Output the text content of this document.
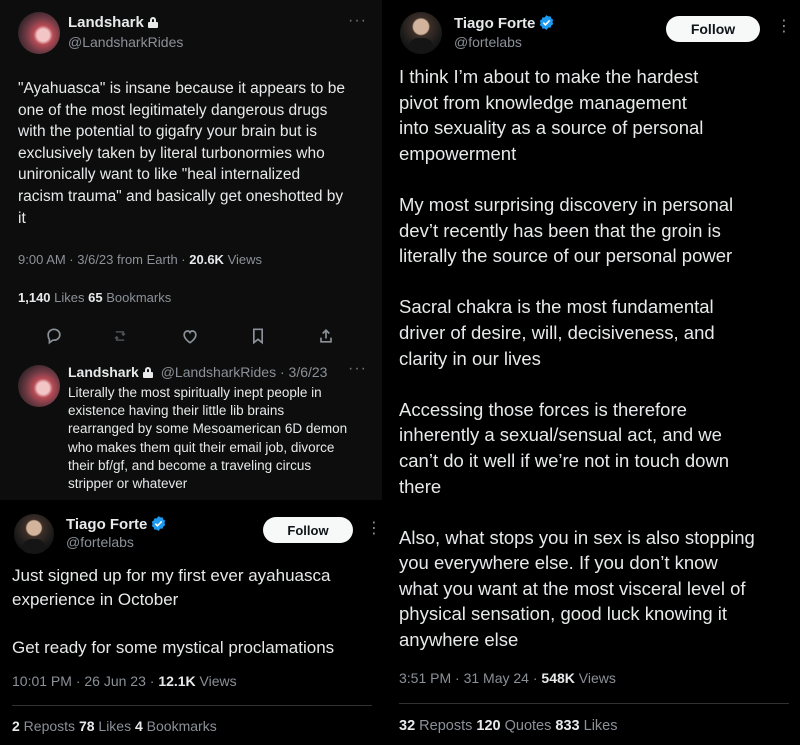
Landshark
@LandsharkRides
···
"Ayahuasca" is insane because it appears to be
one of the most legitimately dangerous drugs
with the potential to gigafry your brain but is
exclusively taken by literal turbonormies who
unironically want to like "heal internalized
racism trauma" and basically get oneshotted by
it
9:00 AM · 3/6/23 from Earth · 20.6K Views
1,140 Likes 65 Bookmarks
Landshark @LandsharkRides · 3/6/23 ···
Literally the most spiritually inept people in
existence having their little lib brains
rearranged by some Mesoamerican 6D demon
who makes them quit their email job, divorce
their bf/gf, and become a traveling circus
stripper or whatever
Tiago Forte
@fortelabs
Follow	⋮
Just signed up for my first ever ayahuasca
experience in October

Get ready for some mystical proclamations
10:01 PM · 26 Jun 23 · 12.1K Views
2 Reposts 78 Likes 4 Bookmarks
Tiago Forte
@fortelabs
Follow	⋮
I think I’m about to make the hardest
pivot from knowledge management
into sexuality as a source of personal
empowerment

My most surprising discovery in personal
dev’t recently has been that the groin is
literally the source of our personal power

Sacral chakra is the most fundamental
driver of desire, will, decisiveness, and
clarity in our lives

Accessing those forces is therefore
inherently a sexual/sensual act, and we
can’t do it well if we’re not in touch down
there

Also, what stops you in sex is also stopping
you everywhere else. If you don’t know
what you want at the most visceral level of
physical sensation, good luck knowing it
anywhere else
3:51 PM · 31 May 24 · 548K Views
32 Reposts 120 Quotes 833 Likes
